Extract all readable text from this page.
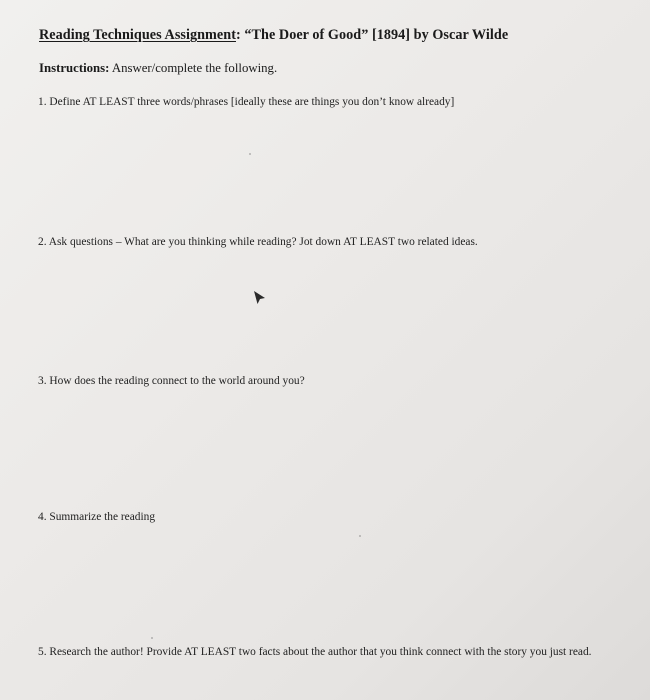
Reading Techniques Assignment: “The Doer of Good” [1894] by Oscar Wilde
Instructions: Answer/complete the following.
1. Define AT LEAST three words/phrases [ideally these are things you don’t know already]
2. Ask questions – What are you thinking while reading? Jot down AT LEAST two related ideas.
3. How does the reading connect to the world around you?
4. Summarize the reading
5. Research the author! Provide AT LEAST two facts about the author that you think connect with the story you just read.
